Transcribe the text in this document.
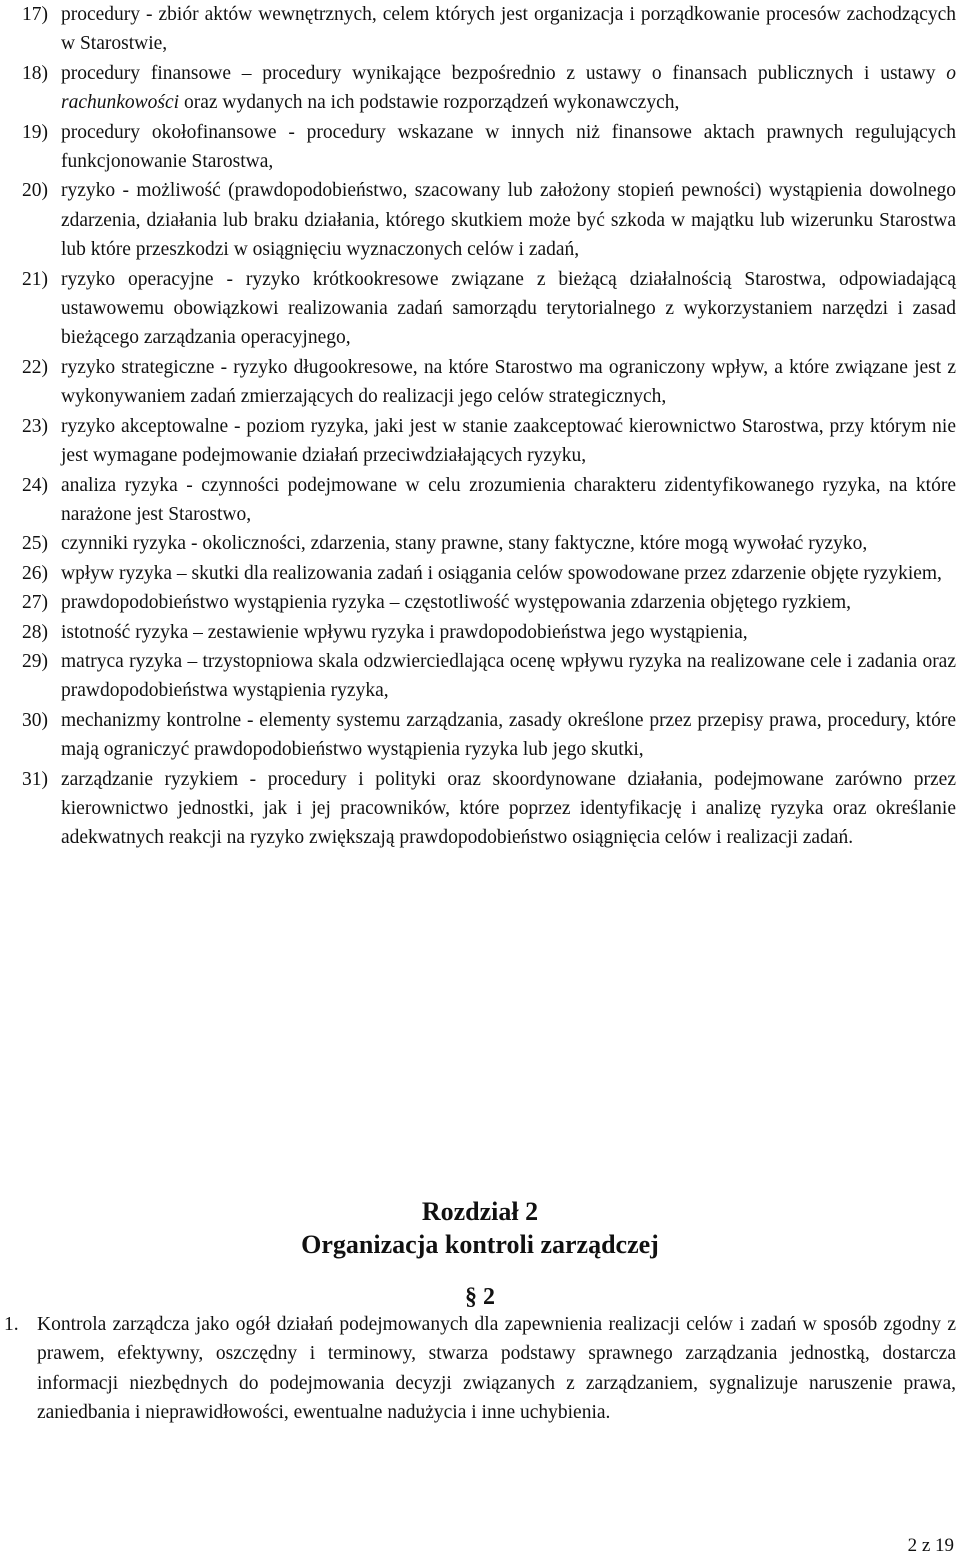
17) procedury - zbiór aktów wewnętrznych, celem których jest organizacja i porządkowanie procesów zachodzących w Starostwie,
18) procedury finansowe – procedury wynikające bezpośrednio z ustawy o finansach publicznych i ustawy o rachunkowości oraz wydanych na ich podstawie rozporządzeń wykonawczych,
19) procedury okołofinansowe - procedury wskazane w innych niż finansowe aktach prawnych regulujących funkcjonowanie Starostwa,
20) ryzyko - możliwość (prawdopodobieństwo, szacowany lub założony stopień pewności) wystąpienia dowolnego zdarzenia, działania lub braku działania, którego skutkiem może być szkoda w majątku lub wizerunku Starostwa lub które przeszkodzi w osiągnięciu wyznaczonych celów i zadań,
21) ryzyko operacyjne - ryzyko krótkookresowe związane z bieżącą działalnością Starostwa, odpowiadającą ustawowemu obowiązkowi realizowania zadań samorządu terytorialnego z wykorzystaniem narzędzi i zasad bieżącego zarządzania operacyjnego,
22) ryzyko strategiczne - ryzyko długookresowe, na które Starostwo ma ograniczony wpływ, a które związane jest z wykonywaniem zadań zmierzających do realizacji jego celów strategicznych,
23) ryzyko akceptowalne - poziom ryzyka, jaki jest w stanie zaakceptować kierownictwo Starostwa, przy którym nie jest wymagane podejmowanie działań przeciwdziałających ryzyku,
24) analiza ryzyka - czynności podejmowane w celu zrozumienia charakteru zidentyfikowanego ryzyka, na które narażone jest Starostwo,
25) czynniki ryzyka - okoliczności, zdarzenia, stany prawne, stany faktyczne, które mogą wywołać ryzyko,
26) wpływ ryzyka – skutki dla realizowania zadań i osiągania celów spowodowane przez zdarzenie objęte ryzykiem,
27) prawdopodobieństwo wystąpienia ryzyka – częstotliwość występowania zdarzenia objętego ryzkiem,
28) istotność ryzyka – zestawienie wpływu ryzyka i prawdopodobieństwa jego wystąpienia,
29) matryca ryzyka – trzystopniowa skala odzwierciedlająca ocenę wpływu ryzyka na realizowane cele i zadania oraz prawdopodobieństwa wystąpienia ryzyka,
30) mechanizmy kontrolne - elementy systemu zarządzania, zasady określone przez przepisy prawa, procedury, które mają ograniczyć prawdopodobieństwo wystąpienia ryzyka lub jego skutki,
31) zarządzanie ryzykiem - procedury i polityki oraz skoordynowane działania, podejmowane zarówno przez kierownictwo jednostki, jak i jej pracowników, które poprzez identyfikację i analizę ryzyka oraz określanie adekwatnych reakcji na ryzyko zwiększają prawdopodobieństwo osiągnięcia celów i realizacji zadań.
Rozdział 2
Organizacja kontroli zarządczej
§ 2
1. Kontrola zarządcza jako ogół działań podejmowanych dla zapewnienia realizacji celów i zadań w sposób zgodny z prawem, efektywny, oszczędny i terminowy, stwarza podstawy sprawnego zarządzania jednostką, dostarcza informacji niezbędnych do podejmowania decyzji związanych z zarządzaniem, sygnalizuje naruszenie prawa, zaniedbania i nieprawidłowości, ewentualne nadużycia i inne uchybienia.
2 z 19
